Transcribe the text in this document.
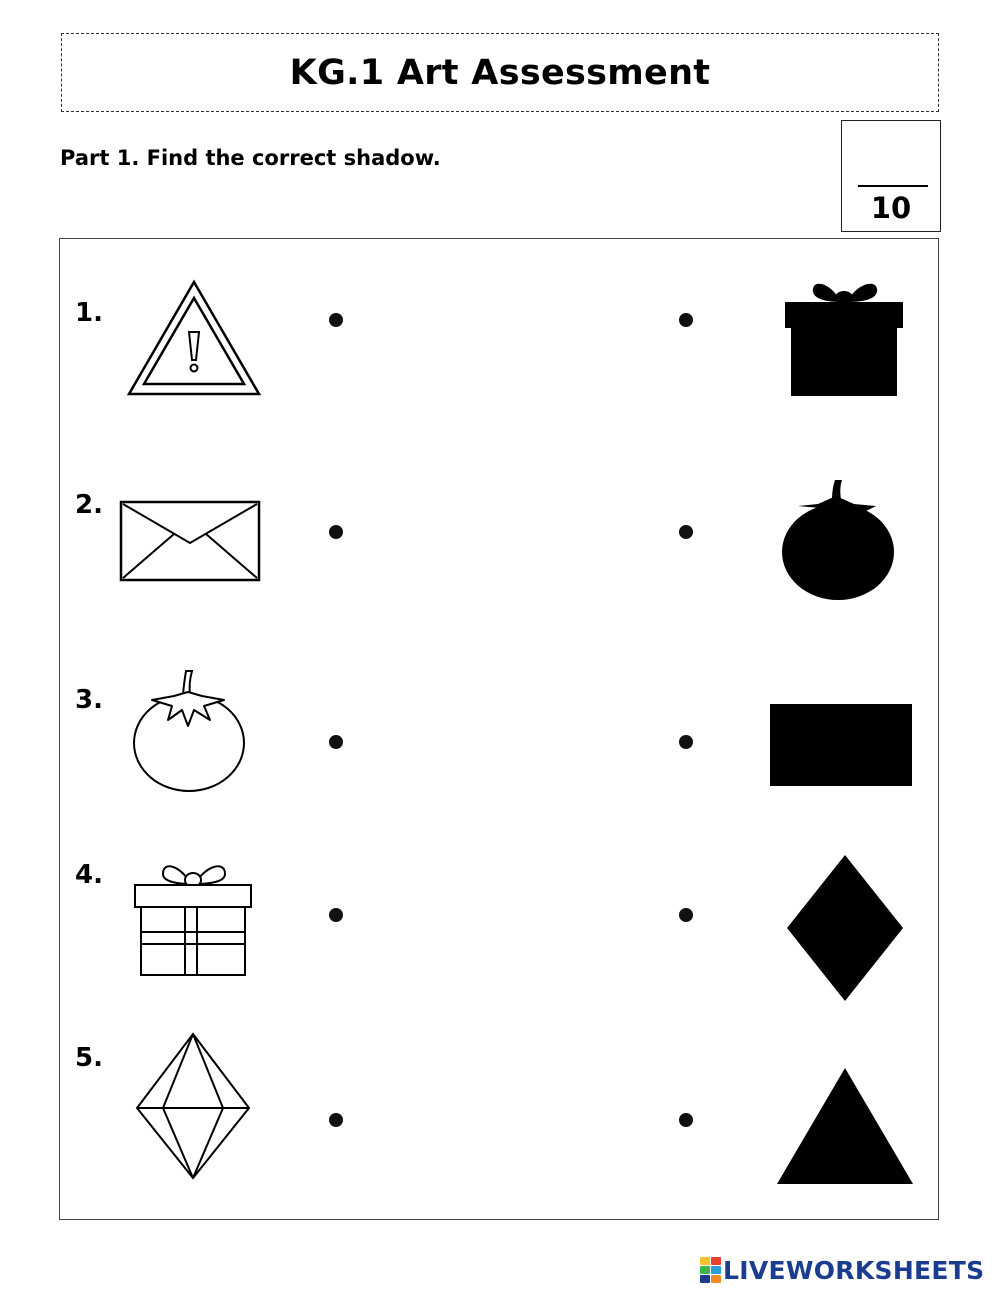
KG.1 Art Assessment
Part 1. Find the correct shadow.
10
1.
2.
3.
4.
5.
LIVEWORKSHEETS
